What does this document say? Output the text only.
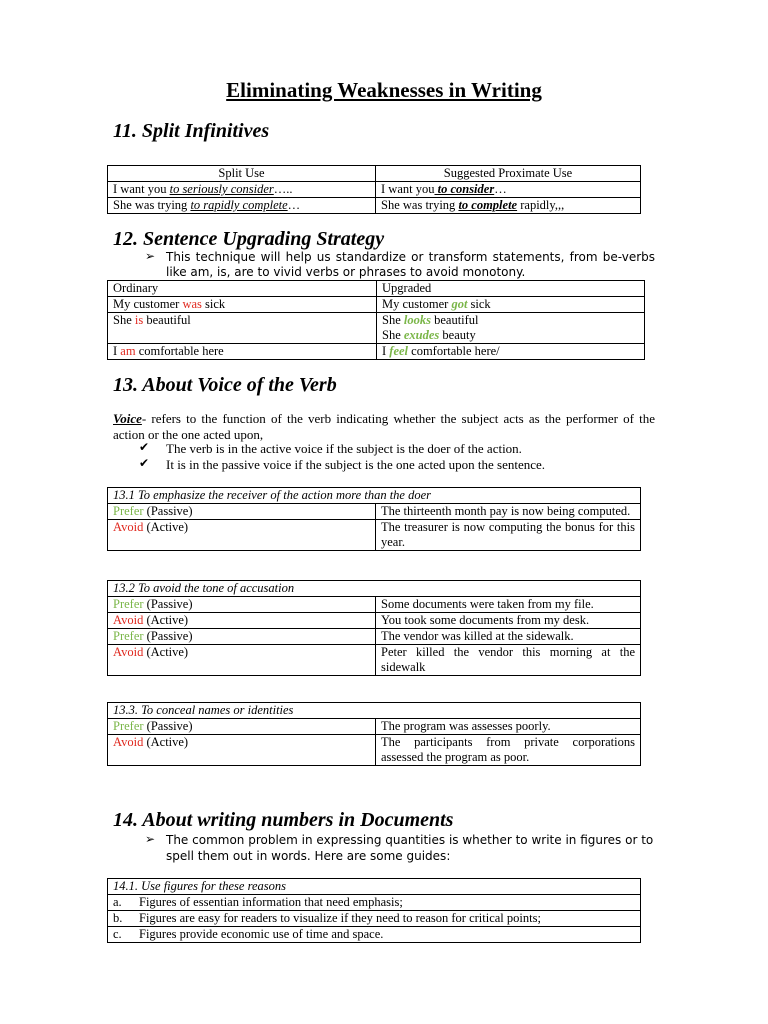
Eliminating Weaknesses in Writing
11. Split Infinitives
Split Use	Suggested Proximate Use
I want you to seriously consider…..	I want you to consider…
She was trying to rapidly complete…	She was trying to complete rapidly,,,
12. Sentence Upgrading Strategy
➢ This technique will help us standardize or transform statements, from be-verbs like am, is, are to vivid verbs or phrases to avoid monotony.
Ordinary	Upgraded
My customer was sick	My customer got sick
She is beautiful	She looks beautiful
She exudes beauty
I am comfortable here	I feel comfortable here/
13. About Voice of the Verb
Voice- refers to the function of the verb indicating whether the subject acts as the performer of the action or the one acted upon,
✔ The verb is in the active voice if the subject is the doer of the action.
✔ It is in the passive voice if the subject is the one acted upon the sentence.
13.1 To emphasize the receiver of the action more than the doer	
Prefer (Passive)	The thirteenth month pay is now being computed.
Avoid (Active)	The treasurer is now computing the bonus for this year.
13.2 To avoid the tone of accusation	
Prefer (Passive)	Some documents were taken from my file.
Avoid (Active)	You took some documents from my desk.
Prefer (Passive)	The vendor was killed at the sidewalk.
Avoid (Active)	Peter killed the vendor this morning at the sidewalk
13.3. To conceal names or identities	
Prefer (Passive)	The program was assesses poorly.
Avoid (Active)	The participants from private corporations assessed the program as poor.
14. About writing numbers in Documents
➢ The common problem in expressing quantities is whether to write in figures or to spell them out in words. Here are some guides:
14.1. Use figures for these reasons	
a.	Figures of essentian information that need emphasis;
b.	Figures are easy for readers to visualize if they need to reason for critical points;
c.	Figures provide economic use of time and space.
